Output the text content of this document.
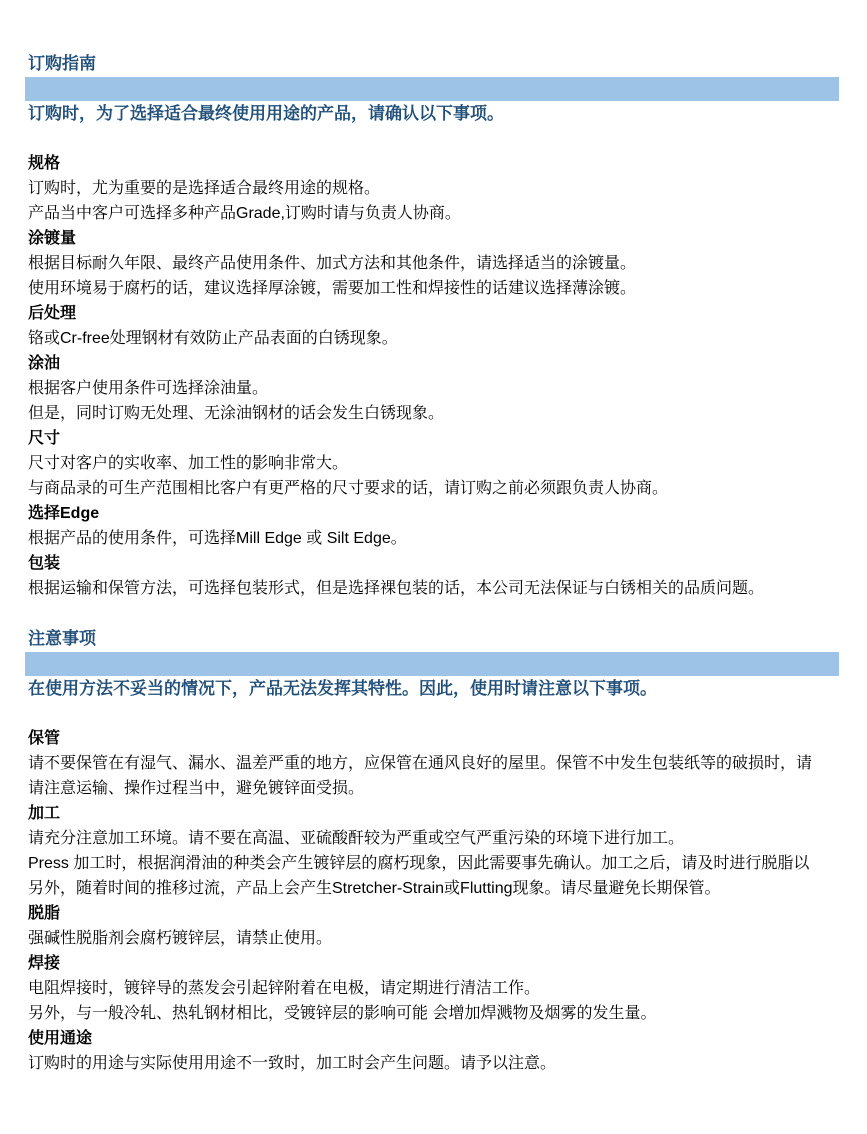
订购指南
订购时，为了选择适合最终使用用途的产品，请确认以下事项。
规格
订购时，尤为重要的是选择适合最终用途的规格。
产品当中客户可选择多种产品Grade,订购时请与负责人协商。
涂镀量
根据目标耐久年限、最终产品使用条件、加式方法和其他条件，请选择适当的涂镀量。
使用环境易于腐朽的话，建议选择厚涂镀，需要加工性和焊接性的话建议选择薄涂镀。
后处理
铬或Cr-free处理钢材有效防止产品表面的白锈现象。
涂油
根据客户使用条件可选择涂油量。
但是，同时订购无处理、无涂油钢材的话会发生白锈现象。
尺寸
尺寸对客户的实收率、加工性的影响非常大。
与商品录的可生产范围相比客户有更严格的尺寸要求的话，请订购之前必须跟负责人协商。
选择Edge
根据产品的使用条件，可选择Mill Edge 或 Silt Edge。
包装
根据运输和保管方法，可选择包装形式，但是选择裸包装的话，本公司无法保证与白锈相关的品质问题。
注意事项
在使用方法不妥当的情况下，产品无法发挥其特性。因此，使用时请注意以下事项。
保管
请不要保管在有湿气、漏水、温差严重的地方，应保管在通风良好的屋里。保管不中发生包装纸等的破损时，请
请注意运输、操作过程当中，避免镀锌面受损。
加工
请充分注意加工环境。请不要在高温、亚硫酸酐较为严重或空气严重污染的环境下进行加工。
Press 加工时，根据润滑油的种类会产生镀锌层的腐朽现象，因此需要事先确认。加工之后，请及时进行脱脂以
另外，随着时间的推移过流，产品上会产生Stretcher-Strain或Flutting现象。请尽量避免长期保管。
脱脂
强碱性脱脂剂会腐朽镀锌层，请禁止使用。
焊接
电阻焊接时，镀锌导的蒸发会引起锌附着在电极，请定期进行清洁工作。
另外，与一般冷轧、热轧钢材相比，受镀锌层的影响可能 会增加焊溅物及烟雾的发生量。
使用通途
订购时的用途与实际使用用途不一致时，加工时会产生问题。请予以注意。
